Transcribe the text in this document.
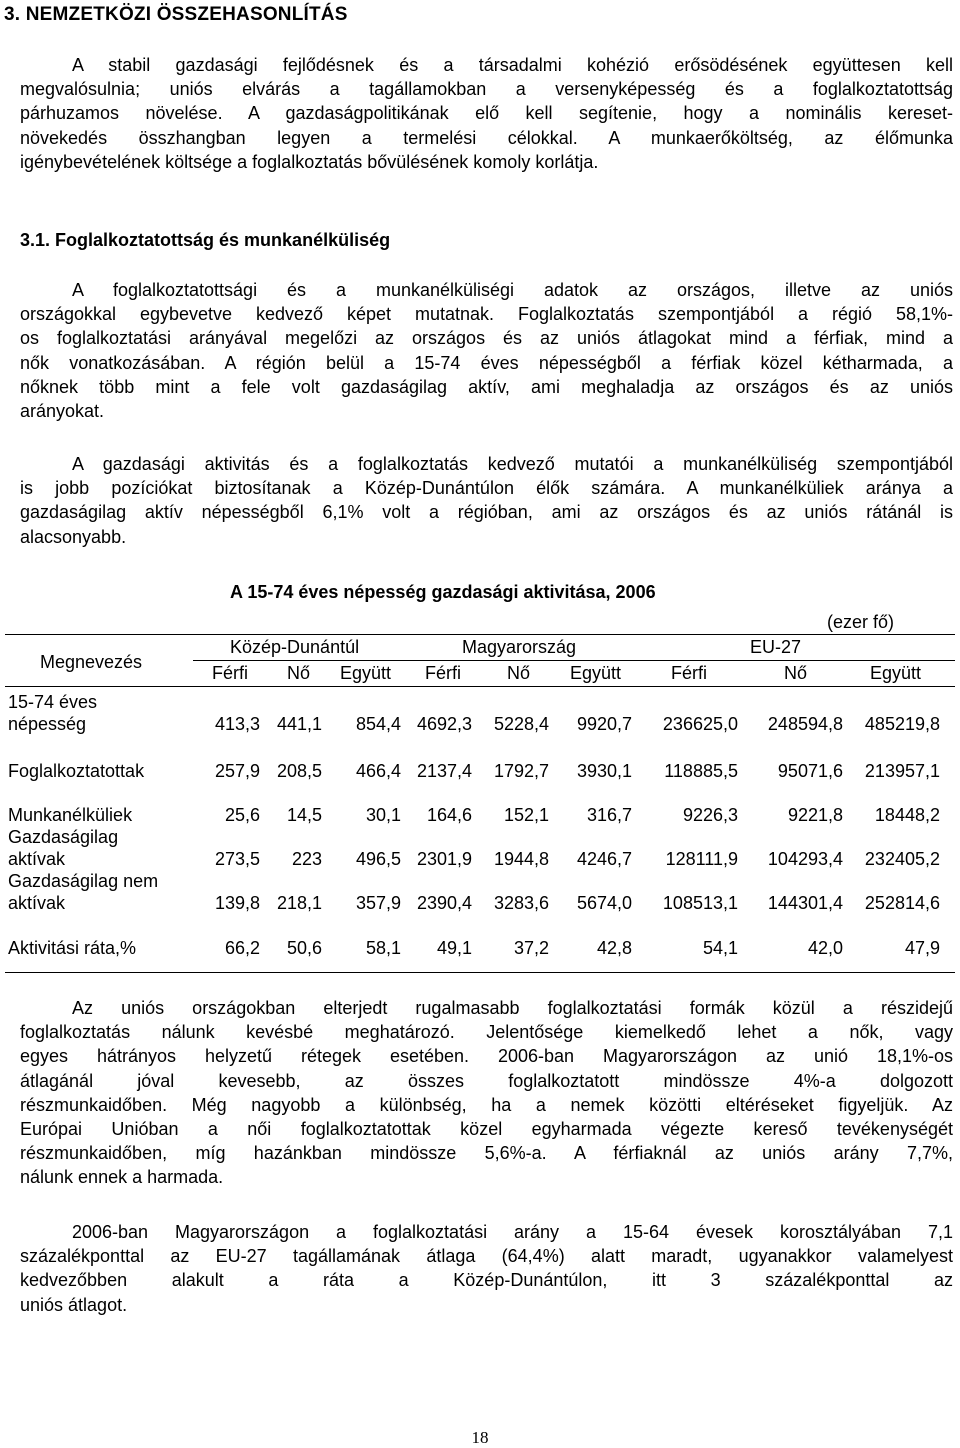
3. NEMZETKÖZI ÖSSZEHASONLÍTÁS
A stabil gazdasági fejlődésnek és a társadalmi kohézió erősödésének együttesen kell
megvalósulnia; uniós elvárás a tagállamokban a versenyképesség és a foglalkoztatottság
párhuzamos növelése. A gazdaságpolitikának elő kell segítenie, hogy a nominális kereset-
növekedés összhangban legyen a termelési célokkal. A munkaerőköltség, az élőmunka
igénybevételének költsége a foglalkoztatás bővülésének komoly korlátja.
3.1. Foglalkoztatottság és munkanélküliség
A foglalkoztatottsági és a munkanélküliségi adatok az országos, illetve az uniós
országokkal egybevetve kedvező képet mutatnak. Foglalkoztatás szempontjából a régió 58,1%-
os foglalkoztatási arányával megelőzi az országos és az uniós átlagokat mind a férfiak, mind a
nők vonatkozásában. A régión belül a 15-74 éves népességből a férfiak közel kétharmada, a
nőknek több mint a fele volt gazdaságilag aktív, ami meghaladja az országos és az uniós
arányokat.
A gazdasági aktivitás és a foglalkoztatás kedvező mutatói a munkanélküliség szempontjából
is jobb pozíciókat biztosítanak a Közép-Dunántúlon élők számára. A munkanélküliek aránya a
gazdaságilag aktív népességből 6,1% volt a régióban, ami az országos és az uniós rátánál is
alacsonyabb.
A 15-74 éves népesség gazdasági aktivitása, 2006
(ezer fő)
Megnevezés
Közép-Dunántúl	Magyarország	EU-27
Férfi Nő Együtt Férfi	Nő Együtt	Férfi	Nő	Együtt
15-74 éves
népesség	413,3 441,1 854,4 4692,3 5228,4 9920,7 236625,0 248594,8 485219,8
Foglalkoztatottak	257,9 208,5 466,4 2137,4 1792,7 3930,1 118885,5 95071,6 213957,1
Munkanélküliek	25,6 14,5 30,1 164,6 152,1 316,7	9226,3	9221,8 18448,2
Gazdaságilag
aktívak	273,5 223 496,5 2301,9 1944,8 4246,7 128111,9 104293,4 232405,2
Gazdaságilag nem
aktívak	139,8 218,1 357,9 2390,4 3283,6 5674,0 108513,1 144301,4 252814,6
Aktivitási ráta,%	66,2 50,6 58,1 49,1 37,2	42,8	54,1	42,0	47,9
Az uniós országokban elterjedt rugalmasabb foglalkoztatási formák közül a részidejű
foglalkoztatás nálunk kevésbé meghatározó. Jelentősége kiemelkedő lehet a nők, vagy
egyes hátrányos helyzetű rétegek esetében. 2006-ban Magyarországon az unió 18,1%-os
átlagánál jóval kevesebb, az összes foglalkoztatott mindössze 4%-a dolgozott
részmunkaidőben. Még nagyobb a különbség, ha a nemek közötti eltéréseket figyeljük. Az
Európai Unióban a női foglalkoztatottak közel egyharmada végezte kereső tevékenységét
részmunkaidőben, míg hazánkban mindössze 5,6%-a. A férfiaknál az uniós arány 7,7%,
nálunk ennek a harmada.
2006-ban Magyarországon a foglalkoztatási arány a 15-64 évesek korosztályában 7,1
százalékponttal az EU-27 tagállamának átlaga (64,4%) alatt maradt, ugyanakkor valamelyest
kedvezőbben alakult a ráta a Közép-Dunántúlon, itt 3 százalékponttal az
uniós átlagot.
18
